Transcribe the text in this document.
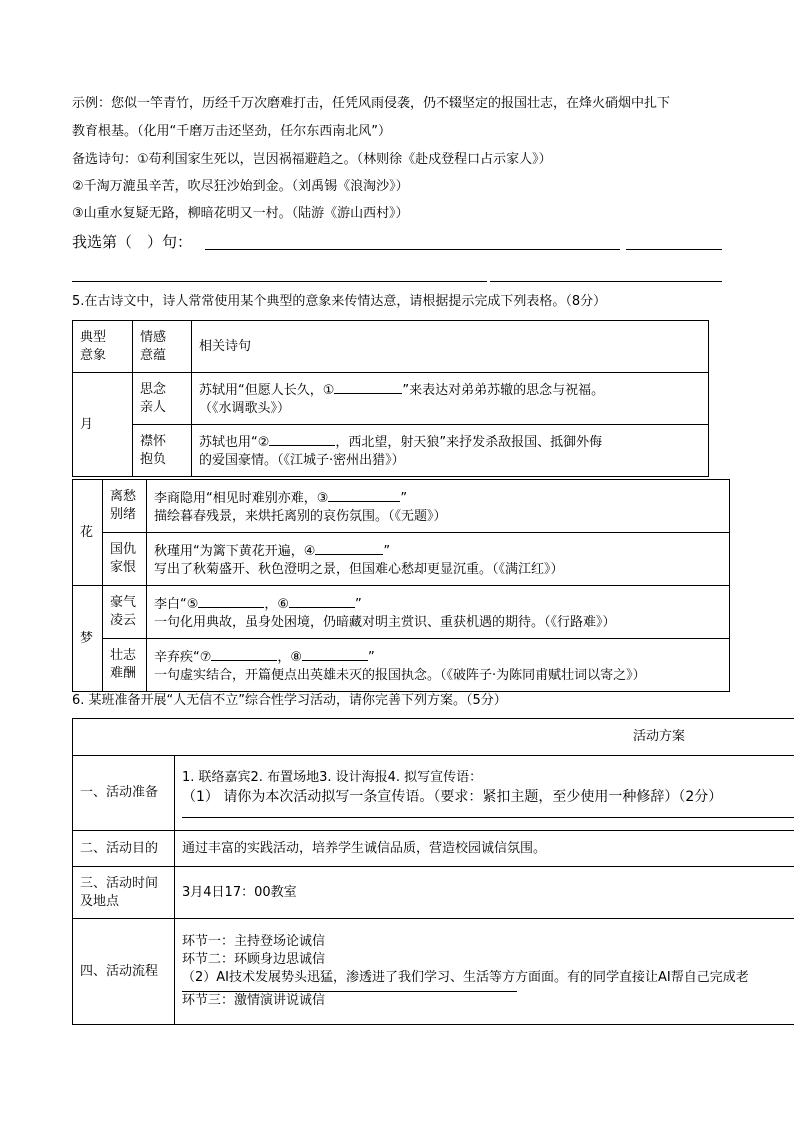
示例：您似一竿青竹，历经千万次磨难打击，任凭风雨侵袭，仍不辍坚定的报国壮志，在烽火硝烟中扎下
教育根基。（化用“千磨万击还坚劲，任尔东西南北风”）
备选诗句：①苟利国家生死以，岂因祸福避趋之。（林则徐《赴戍登程口占示家人》）
②千淘万漉虽辛苦，吹尽狂沙始到金。（刘禹锡《浪淘沙》）
③山重水复疑无路，柳暗花明又一村。（陆游《游山西村》）
我选第（　）句：
5.在古诗文中，诗人常常使用某个典型的意象来传情达意，请根据提示完成下列表格。（8分）
典型意象	情感意蕴	相关诗句
月	思念亲人	苏轼用“但愿人长久，① ”来表达对弟弟苏辙的思念与祝福。
（《水调歌头》）

	襟怀抱负	苏轼也用“② ，西北望，射天狼”来抒发杀敌报国、抵御外侮
的爱国豪情。（《江城子·密州出猎》）
花	离愁别绪	李商隐用“相见时难别亦难，③ ”
描绘暮春残景，来烘托离别的哀伤氛围。（《无题》）

	国仇家恨	秋瑾用“为篱下黄花开遍，④ ”
写出了秋菊盛开、秋色澄明之景，但国难心愁却更显沉重。（《满江红》）

梦	豪气凌云	李白“⑤ ，⑥ ”
一句化用典故，虽身处困境，仍暗藏对明主赏识、重获机遇的期待。（《行路难》）

	壮志难酬	辛弃疾“⑦ ，⑧ ”
一句虚实结合，开篇便点出英雄未灭的报国执念。（《破阵子·为陈同甫赋壮词以寄之》）
6. 某班准备开展“人无信不立”综合性学习活动，请你完善下列方案。（5分）
活动方案	
一、活动准备	1. 联络嘉宾2. 布置场地3. 设计海报4. 拟写宣传语：
（1） 请你为本次活动拟写一条宣传语。（要求：紧扣主题，至少使用一种修辞）（2分）

二、活动目的	通过丰富的实践活动，培养学生诚信品质，营造校园诚信氛围。

三、活动时间及地点	3月4日17：00教室
四、活动流程	环节一：主持登场论诚信
环节二：环顾身边思诚信
（2）AI技术发展势头迅猛，渗透进了我们学习、生活等方方面面。有的同学直接让AI帮自己完成老
环节三：激情演讲说诚信
